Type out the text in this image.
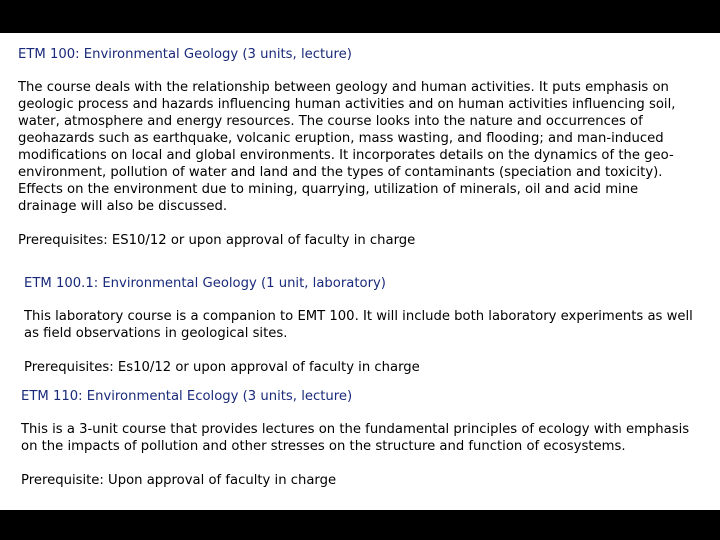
ETM 100: Environmental Geology (3 units, lecture)

The course deals with the relationship between geology and human activities. It puts emphasis on geologic process and hazards influencing human activities and on human activities influencing soil, water, atmosphere and energy resources. The course looks into the nature and occurrences of geohazards such as earthquake, volcanic eruption, mass wasting, and flooding; and man-induced modifications on local and global environments. It incorporates details on the dynamics of the geo-environment, pollution of water and land and the types of contaminants (speciation and toxicity). Effects on the environment due to mining, quarrying, utilization of minerals, oil and acid mine drainage will also be discussed.

Prerequisites: ES10/12 or upon approval of faculty in charge

ETM 100.1: Environmental Geology (1 unit, laboratory)

This laboratory course is a companion to EMT 100. It will include both laboratory experiments as well as field observations in geological sites.

Prerequisites: Es10/12 or upon approval of faculty in charge

ETM 110: Environmental Ecology (3 units, lecture)

This is a 3-unit course that provides lectures on the fundamental principles of ecology with emphasis on the impacts of pollution and other stresses on the structure and function of ecosystems.

Prerequisite: Upon approval of faculty in charge
